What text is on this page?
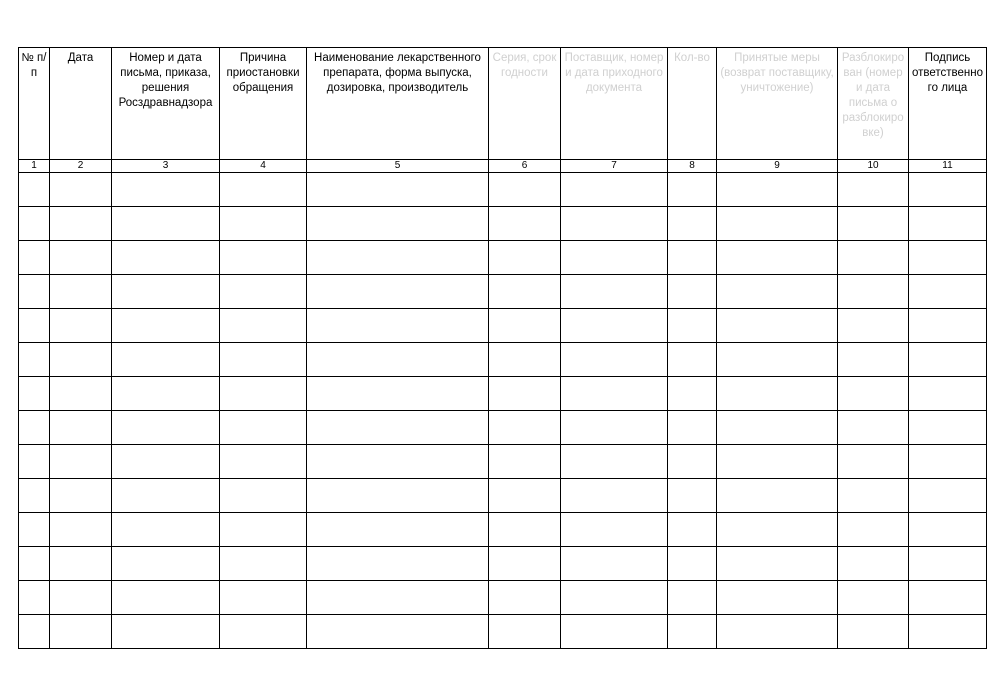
№ п/п	Дата	Номер и дата письма, приказа, решения Росздравнадзора	Причина приостановки обращения	Наименование лекарственного препарата, форма выпуска, дозировка, производитель	Серия, срок годности	Поставщик, номер и дата приходного документа	Кол-во	Принятые меры (возврат поставщику, уничтожение)	Разблокирован (номер и дата письма о разблокировке)	Подпись ответственного лица

1	2	3	4	5	6	7	8	9	10	11
